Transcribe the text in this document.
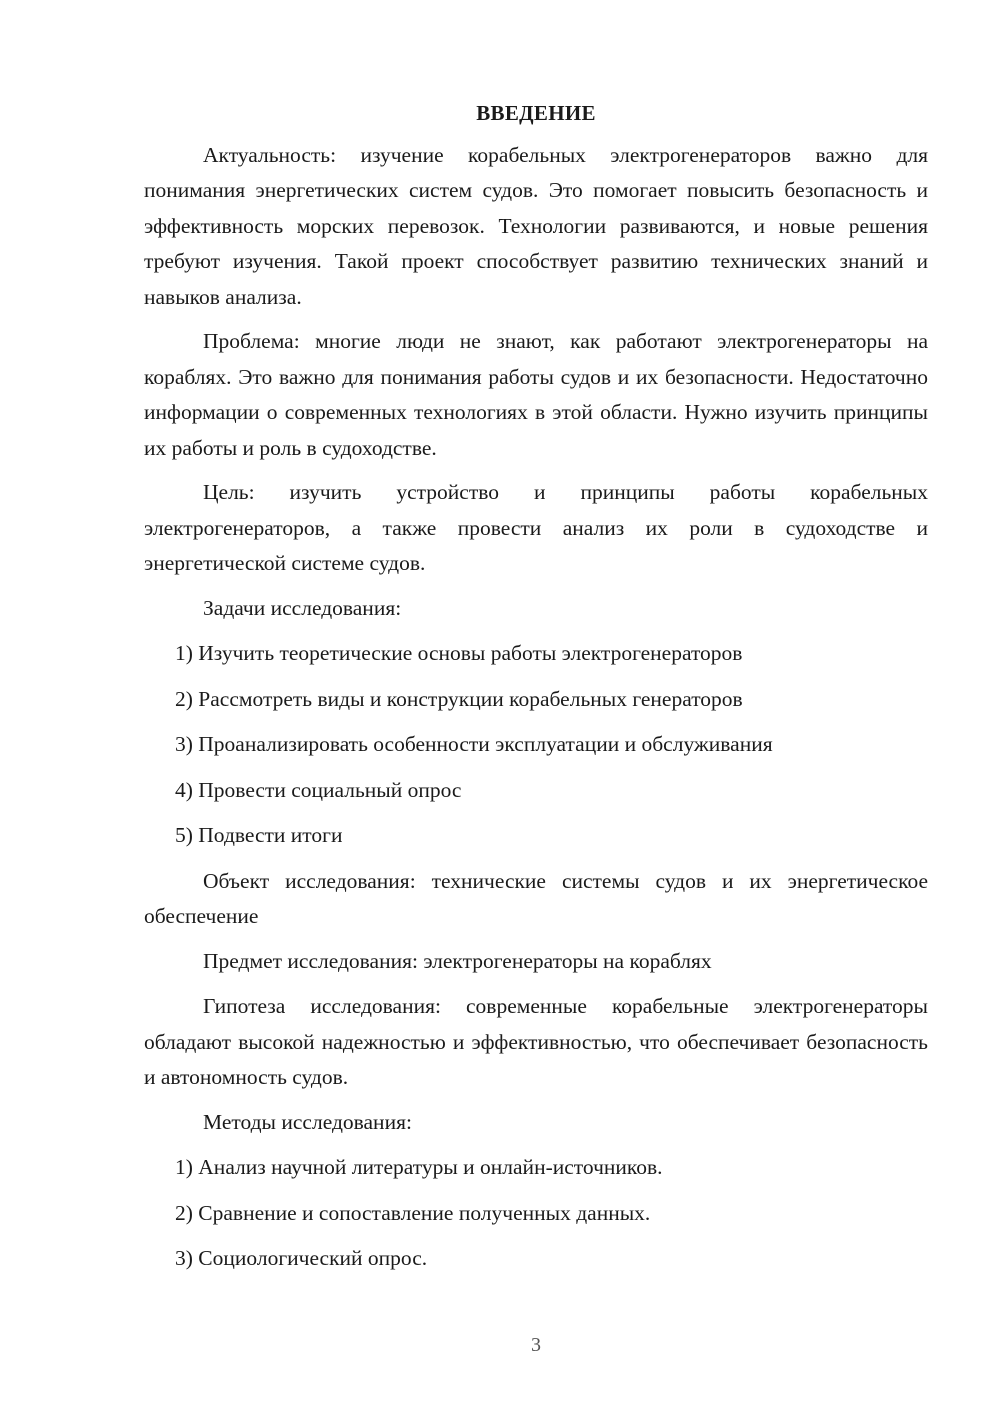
ВВЕДЕНИЕ

Актуальность: изучение корабельных электрогенераторов важно для понимания энергетических систем судов. Это помогает повысить безопасность и эффективность морских перевозок. Технологии развиваются, и новые решения требуют изучения. Такой проект способствует развитию технических знаний и навыков анализа.

Проблема: многие люди не знают, как работают электрогенераторы на кораблях. Это важно для понимания работы судов и их безопасности. Недостаточно информации о современных технологиях в этой области. Нужно изучить принципы их работы и роль в судоходстве.

Цель: изучить устройство и принципы работы корабельных электрогенераторов, а также провести анализ их роли в судоходстве и энергетической системе судов.

Задачи исследования:

1) Изучить теоретические основы работы электрогенераторов
2) Рассмотреть виды и конструкции корабельных генераторов
3) Проанализировать особенности эксплуатации и обслуживания
4) Провести социальный опрос
5) Подвести итоги

Объект исследования: технические системы судов и их энергетическое обеспечение

Предмет исследования: электрогенераторы на кораблях

Гипотеза исследования: современные корабельные электрогенераторы обладают высокой надежностью и эффективностью, что обеспечивает безопасность и автономность судов.

Методы исследования:

1) Анализ научной литературы и онлайн-источников.
2) Сравнение и сопоставление полученных данных.
3) Социологический опрос.
3
